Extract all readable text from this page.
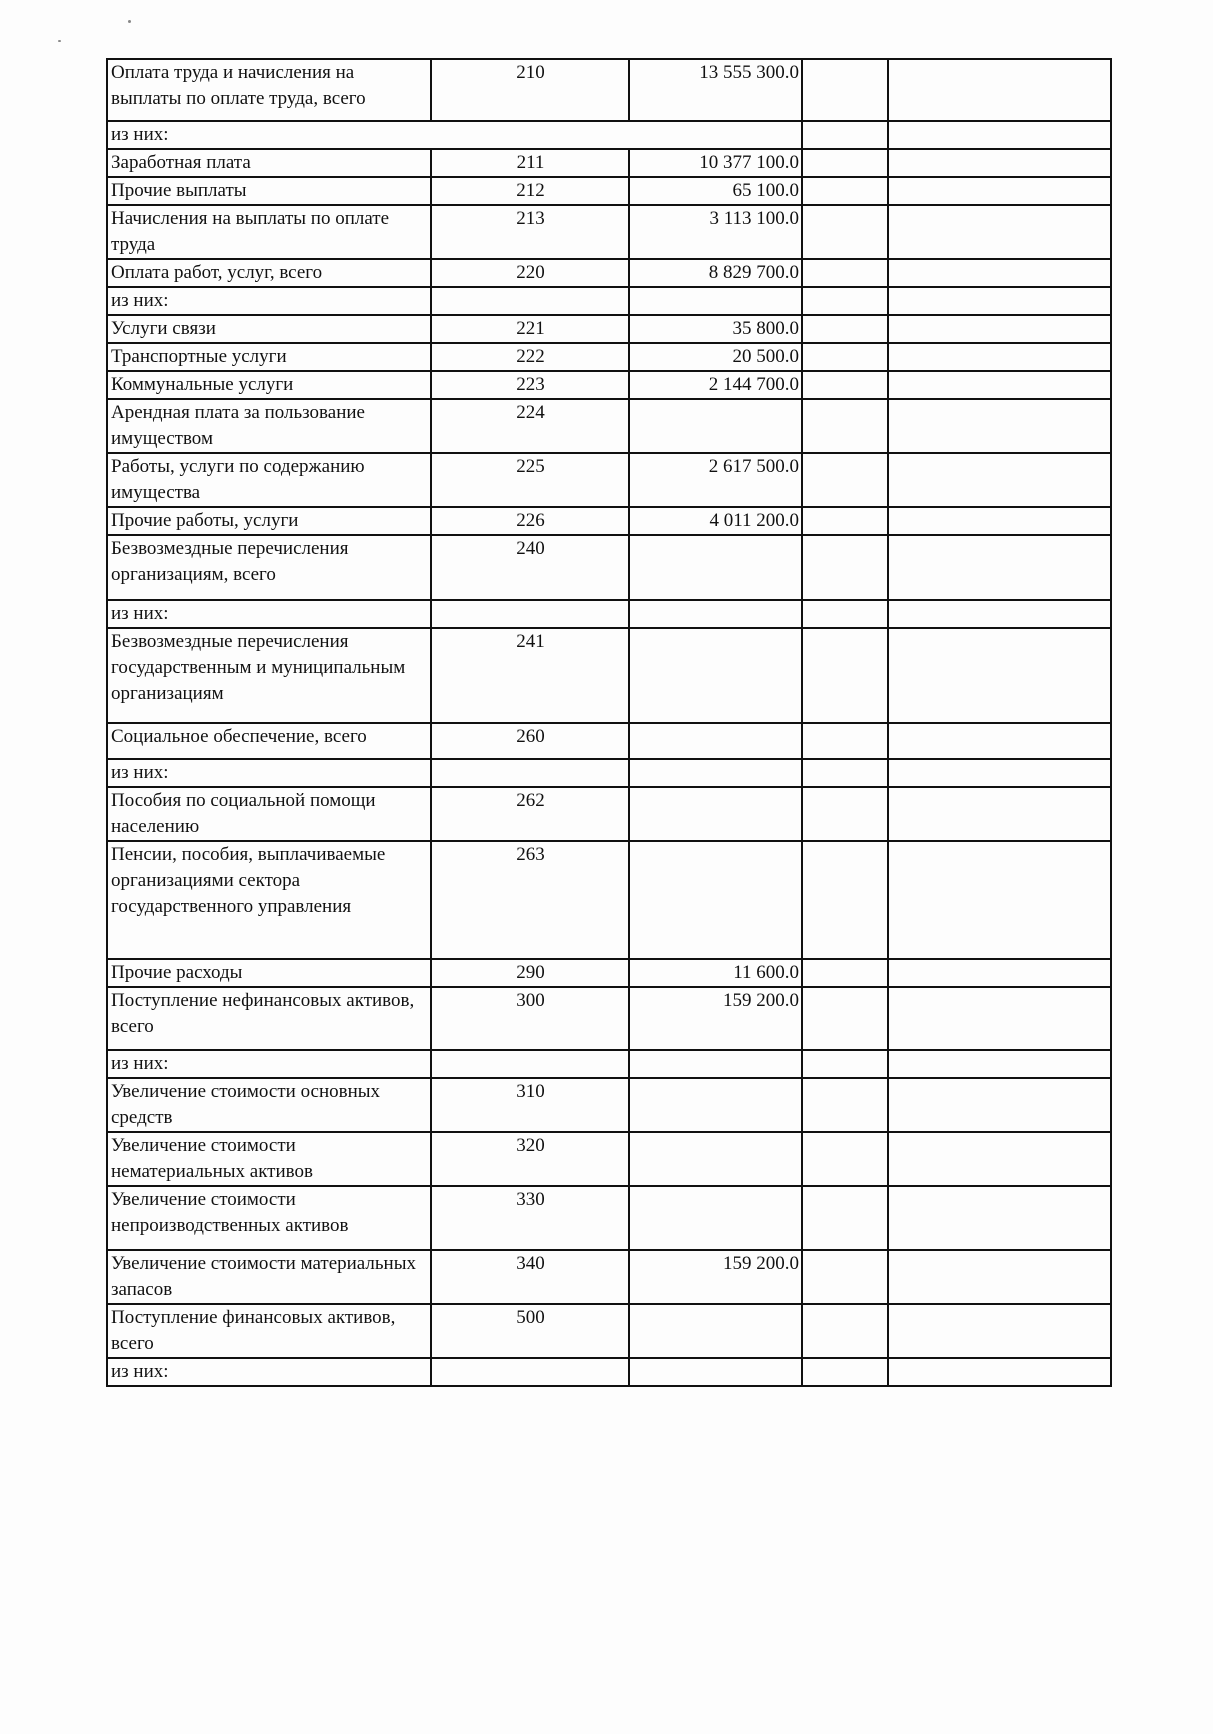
Оплата труда и начисления на выплаты по оплате труда, всего	210	13 555 300.0		
из них:				
Заработная плата	211	10 377 100.0		
Прочие выплаты	212	65 100.0		
Начисления на выплаты по оплате труда	213	3 113 100.0		
Оплата работ, услуг, всего	220	8 829 700.0		
из них:				
Услуги связи	221	35 800.0		
Транспортные услуги	222	20 500.0		
Коммунальные услуги	223	2 144 700.0		
Арендная плата за пользование имуществом	224			
Работы, услуги по содержанию имущества	225	2 617 500.0		
Прочие работы, услуги	226	4 011 200.0		
Безвозмездные перечисления организациям, всего	240			
из них:				
Безвозмездные перечисления государственным и муниципальным организациям	241			
Социальное обеспечение, всего	260			
из них:				
Пособия по социальной помощи населению	262			
Пенсии, пособия, выплачиваемые организациями сектора государственного управления	263			
Прочие расходы	290	11 600.0		
Поступление нефинансовых активов, всего	300	159 200.0		
из них:				
Увеличение стоимости основных средств	310			
Увеличение стоимости нематериальных активов	320			
Увеличение стоимости непроизводственных активов	330			
Увеличение стоимости материальных запасов	340	159 200.0		
Поступление финансовых активов, всего	500			
из них:				
